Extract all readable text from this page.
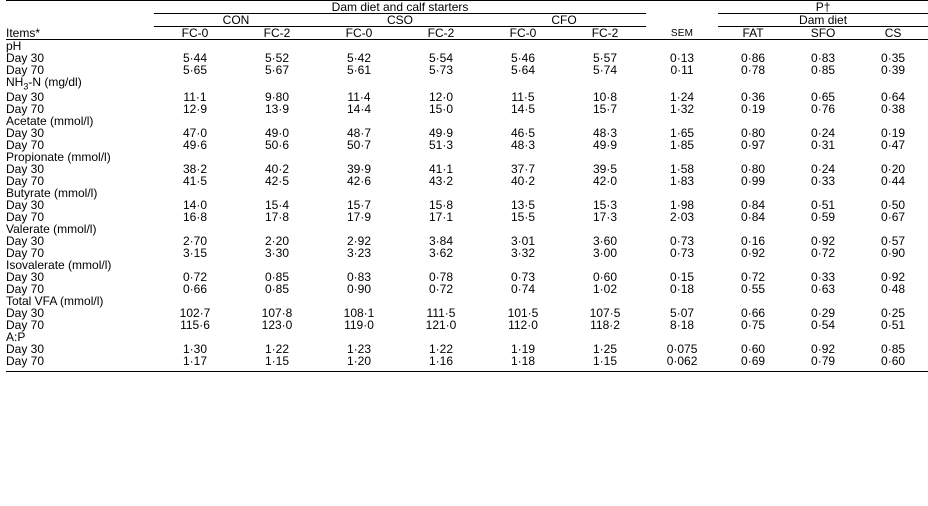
	Dam diet and calf starters							P†		
	CON		CSO		CFO			Dam diet		
Items*	FC-0	FC-2	FC-0	FC-2	FC-0	FC-2	SEM	FAT	SFO	CS
pH										
Day 30	5·44	5·52	5·42	5·54	5·46	5·57	0·13	0·86	0·83	0·35
Day 70	5·65	5·67	5·61	5·73	5·64	5·74	0·11	0·78	0·85	0·39
$NH_3-N$ (mg/dl)										
Day 30	11·1	9·80	11·4	12·0	11·5	10·8	1·24	0·36	0·65	0·64
Day 70	12·9	13·9	14·4	15·0	14·5	15·7	1·32	0·19	0·76	0·38
Acetate (mmol/l)										
Day 30	47·0	49·0	48·7	49·9	46·5	48·3	1·65	0·80	0·24	0·19
Day 70	49·6	50·6	50·7	51·3	48·3	49·9	1·85	0·97	0·31	0·47
Propionate (mmol/l)										
Day 30	38·2	40·2	39·9	41·1	37·7	39·5	1·58	0·80	0·24	0·20
Day 70	41·5	42·5	42·6	43·2	40·2	42·0	1·83	0·99	0·33	0·44
Butyrate (mmol/l)										
Day 30	14·0	15·4	15·7	15·8	13·5	15·3	1·98	0·84	0·51	0·50
Day 70	16·8	17·8	17·9	17·1	15·5	17·3	2·03	0·84	0·59	0·67
Valerate (mmol/l)										
Day 30	2·70	2·20	2·92	3·84	3·01	3·60	0·73	0·16	0·92	0·57
Day 70	3·15	3·30	3·23	3·62	3·32	3·00	0·73	0·92	0·72	0·90
Isovalerate (mmol/l)										
Day 30	0·72	0·85	0·83	0·78	0·73	0·60	0·15	0·72	0·33	0·92
Day 70	0·66	0·85	0·90	0·72	0·74	1·02	0·18	0·55	0·63	0·48
Total VFA (mmol/l)										
Day 30	102·7	107·8	108·1	111·5	101·5	107·5	5·07	0·66	0·29	0·25
Day 70	115·6	123·0	119·0	121·0	112·0	118·2	8·18	0·75	0·54	0·51
A:P										
Day 30	1·30	1·22	1·23	1·22	1·19	1·25	0·075	0·60	0·92	0·85
Day 70	1·17	1·15	1·20	1·16	1·18	1·15	0·062	0·69	0·79	0·60
